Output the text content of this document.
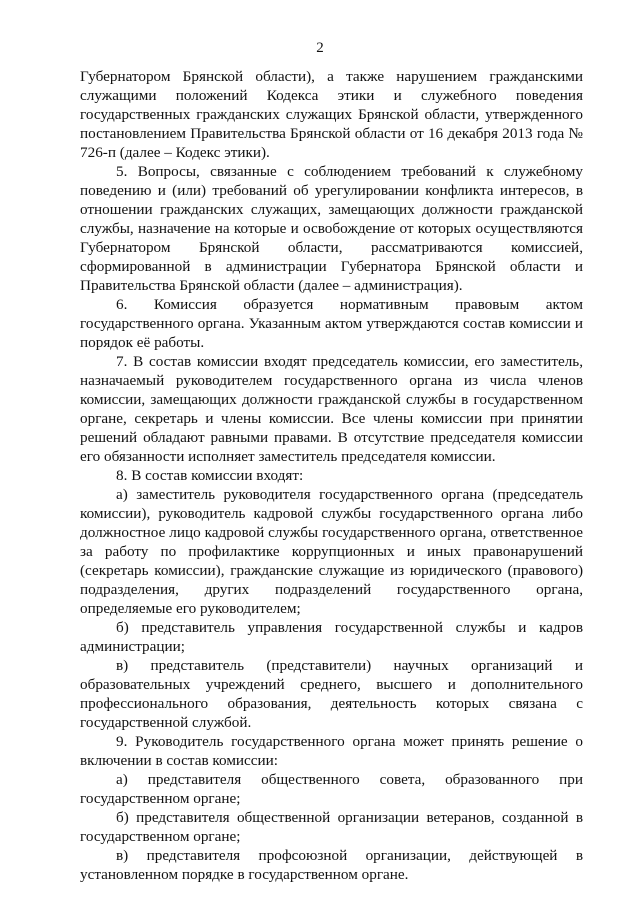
2

Губернатором Брянской области), а также нарушением гражданскими служащими положений Кодекса этики и служебного поведения государственных гражданских служащих Брянской области, утвержденного постановлением Правительства Брянской области от 16 декабря 2013 года № 726-п (далее – Кодекс этики).

5. Вопросы, связанные с соблюдением требований к служебному поведению и (или) требований об урегулировании конфликта интересов, в отношении гражданских служащих, замещающих должности гражданской службы, назначение на которые и освобождение от которых осуществляются Губернатором Брянской области, рассматриваются комиссией, сформированной в администрации Губернатора Брянской области и Правительства Брянской области (далее – администрация).

6. Комиссия образуется нормативным правовым актом государственного органа. Указанным актом утверждаются состав комиссии и порядок её работы.

7. В состав комиссии входят председатель комиссии, его заместитель, назначаемый руководителем государственного органа из числа членов комиссии, замещающих должности гражданской службы в государственном органе, секретарь и члены комиссии. Все члены комиссии при принятии решений обладают равными правами. В отсутствие председателя комиссии его обязанности исполняет заместитель председателя комиссии.

8. В состав комиссии входят:

а) заместитель руководителя государственного органа (председатель комиссии), руководитель кадровой службы государственного органа либо должностное лицо кадровой службы государственного органа, ответственное за работу по профилактике коррупционных и иных правонарушений (секретарь комиссии), гражданские служащие из юридического (правового) подразделения, других подразделений государственного органа, определяемые его руководителем;

б) представитель управления государственной службы и кадров администрации;

в) представитель (представители) научных организаций и образовательных учреждений среднего, высшего и дополнительного профессионального образования, деятельность которых связана с государственной службой.

9. Руководитель государственного органа может принять решение о включении в состав комиссии:

а) представителя общественного совета, образованного при государственном органе;

б) представителя общественной организации ветеранов, созданной в государственном органе;

в) представителя профсоюзной организации, действующей в установленном порядке в государственном органе.
